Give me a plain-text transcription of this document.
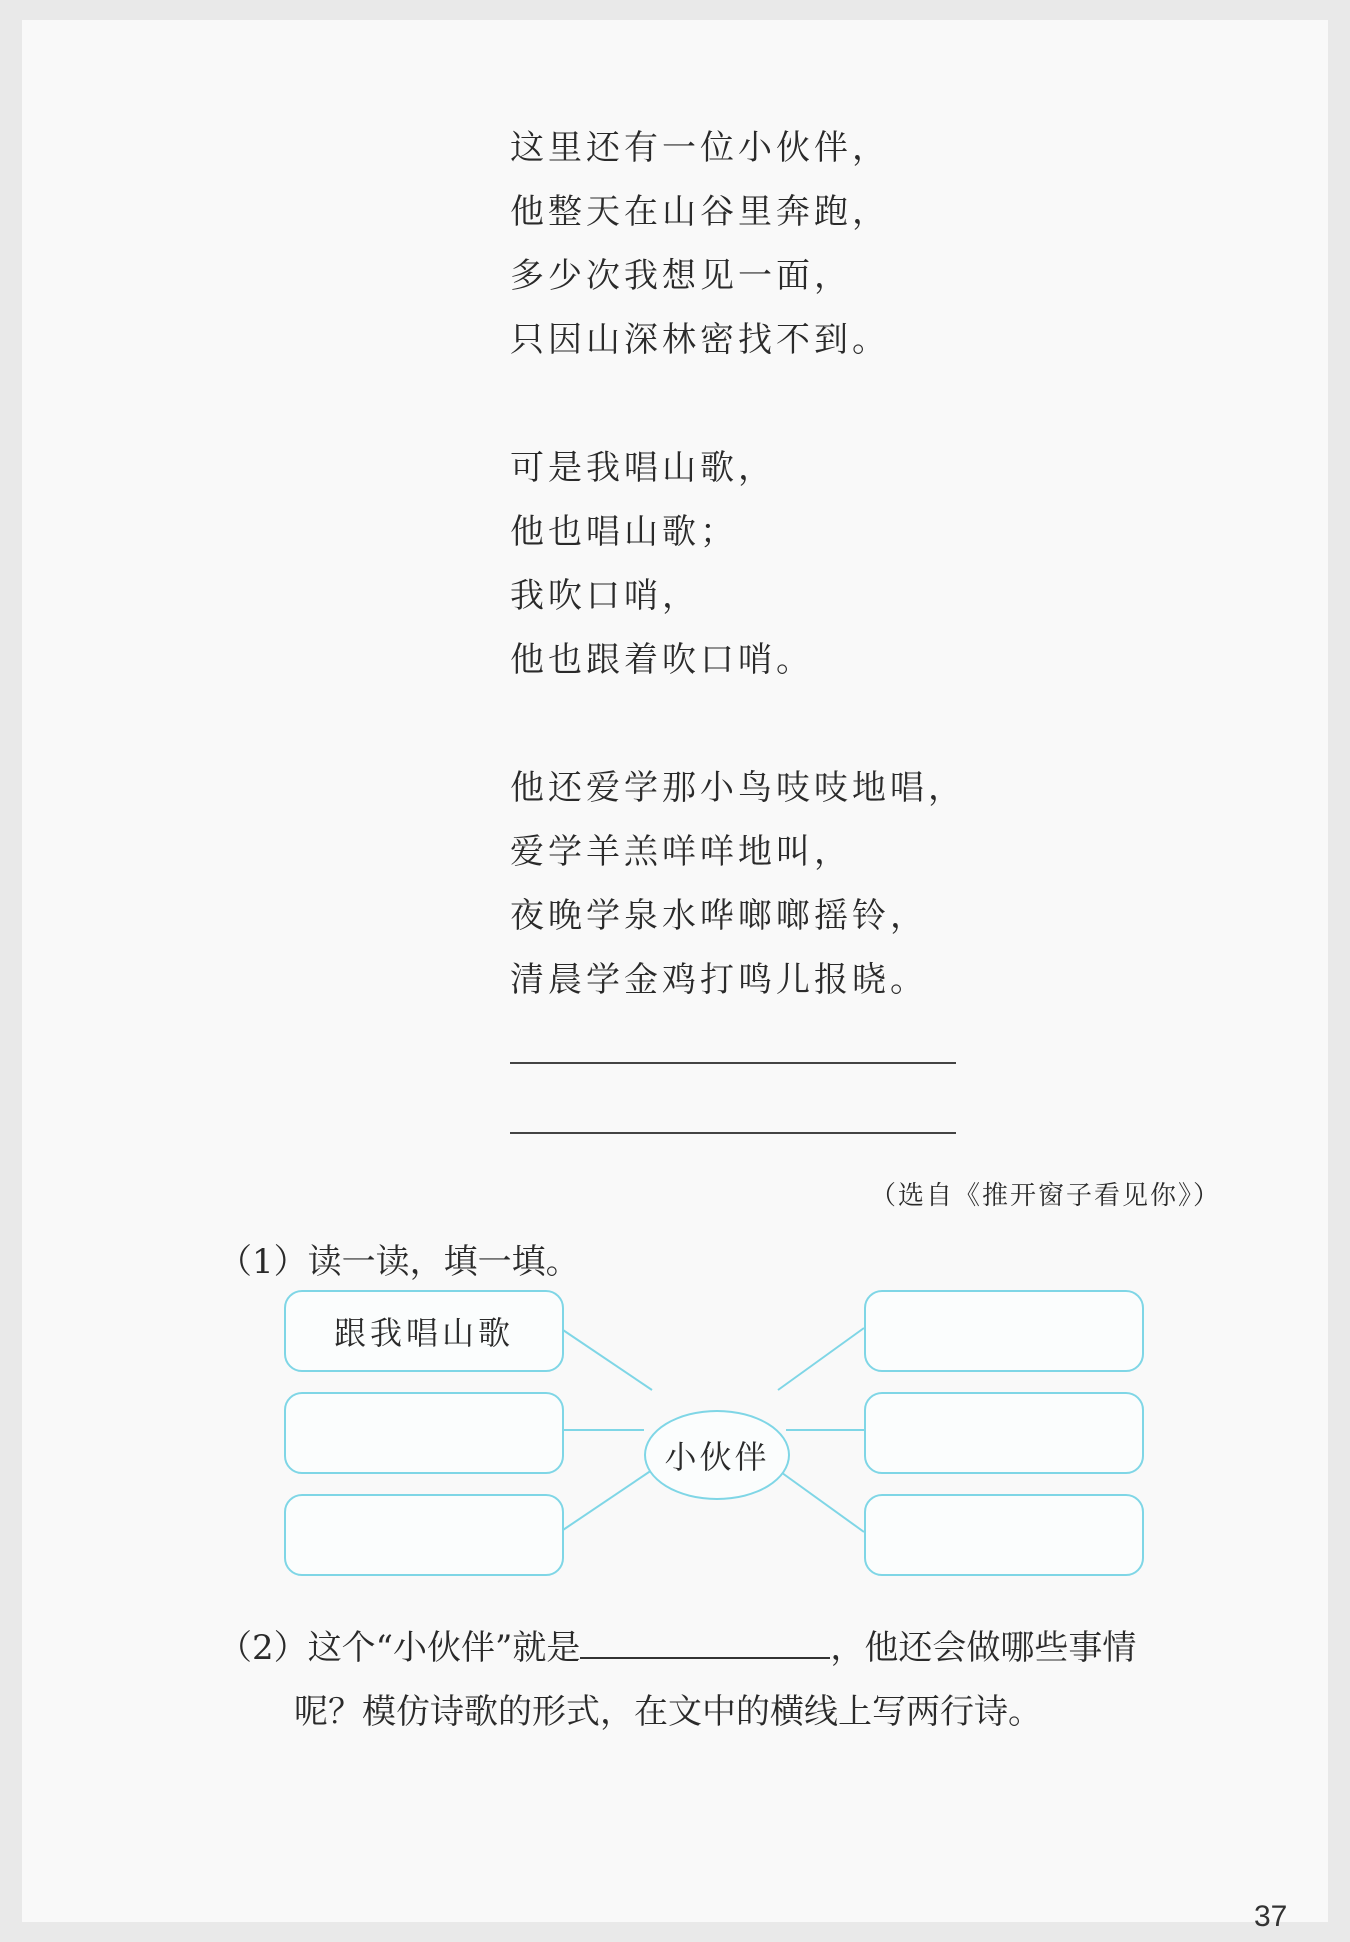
这里还有一位小伙伴，
他整天在山谷里奔跑，
多少次我想见一面，
只因山深林密找不到。
可是我唱山歌，
他也唱山歌；
我吹口哨，
他也跟着吹口哨。
他还爱学那小鸟吱吱地唱，
爱学羊羔咩咩地叫，
夜晚学泉水哗啷啷摇铃，
清晨学金鸡打鸣儿报晓。
（选自《推开窗子看见你》）
（1）读一读，填一填。
跟我唱山歌
小伙伴
（2）这个“小伙伴”就是	，他还会做哪些事情
呢？模仿诗歌的形式，在文中的横线上写两行诗。
37
